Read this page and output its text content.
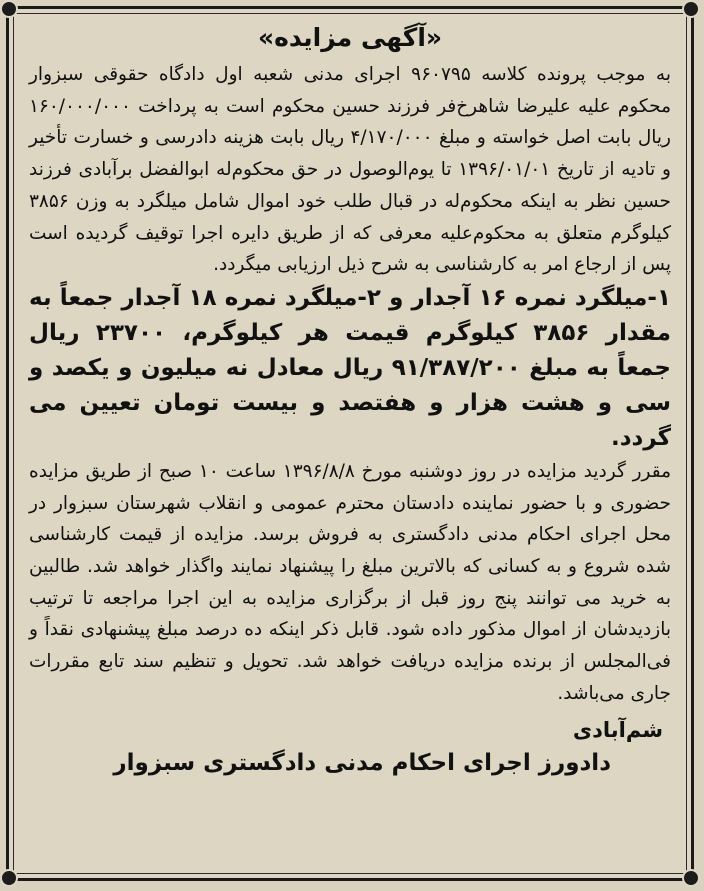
«آگهی مزایده»

به موجب پرونده کلاسه ۹۶۰۷۹۵ اجرای مدنی شعبه اول دادگاه حقوقی سبزوار محکوم علیه علیرضا شاهرخ‌فر فرزند حسین محکوم است به پرداخت ۱۶۰/۰۰۰/۰۰۰ ریال بابت اصل خواسته و مبلغ ۴/۱۷۰/۰۰۰ ریال بابت هزینه دادرسی و خسارت تأخیر و تادیه از تاریخ ۱۳۹۶/۰۱/۰۱ تا یوم‌الوصول در حق محکوم‌له ابوالفضل برآبادی فرزند حسین نظر به اینکه محکوم‌له در قبال طلب خود اموال شامل میلگرد به وزن ۳۸۵۶ کیلوگرم متعلق به محکوم‌علیه معرفی که از طریق دایره اجرا توقیف گردیده است پس از ارجاع امر به کارشناسی به شرح ذیل ارزیابی میگردد.

۱-میلگرد نمره ۱۶ آجدار و ۲-میلگرد نمره ۱۸ آجدار جمعاً به مقدار ۳۸۵۶ کیلوگرم قیمت هر کیلوگرم، ۲۳۷۰۰ ریال جمعاً به مبلغ ۹۱/۳۸۷/۲۰۰ ریال معادل نه میلیون و یکصد و سی و هشت هزار و هفتصد و بیست تومان تعیین می گردد.

مقرر گردید مزایده در روز دوشنبه مورخ ۱۳۹۶/۸/۸ ساعت ۱۰ صبح از طریق مزایده حضوری و با حضور نماینده دادستان محترم عمومی و انقلاب شهرستان سبزوار در محل اجرای احکام مدنی دادگستری به فروش برسد. مزایده از قیمت کارشناسی شده شروع و به کسانی که بالاترین مبلغ را پیشنهاد نمایند واگذار خواهد شد. طالبین به خرید می توانند پنج روز قبل از برگزاری مزایده به این اجرا مراجعه تا ترتیب بازدیدشان از اموال مذکور داده شود. قابل ذکر اینکه ده درصد مبلغ پیشنهادی نقداً و فی‌المجلس از برنده مزایده دریافت خواهد شد. تحویل و تنظیم سند تابع مقررات جاری می‌باشد.

شم‌آبادی
دادورز اجرای احکام مدنی دادگستری سبزوار
